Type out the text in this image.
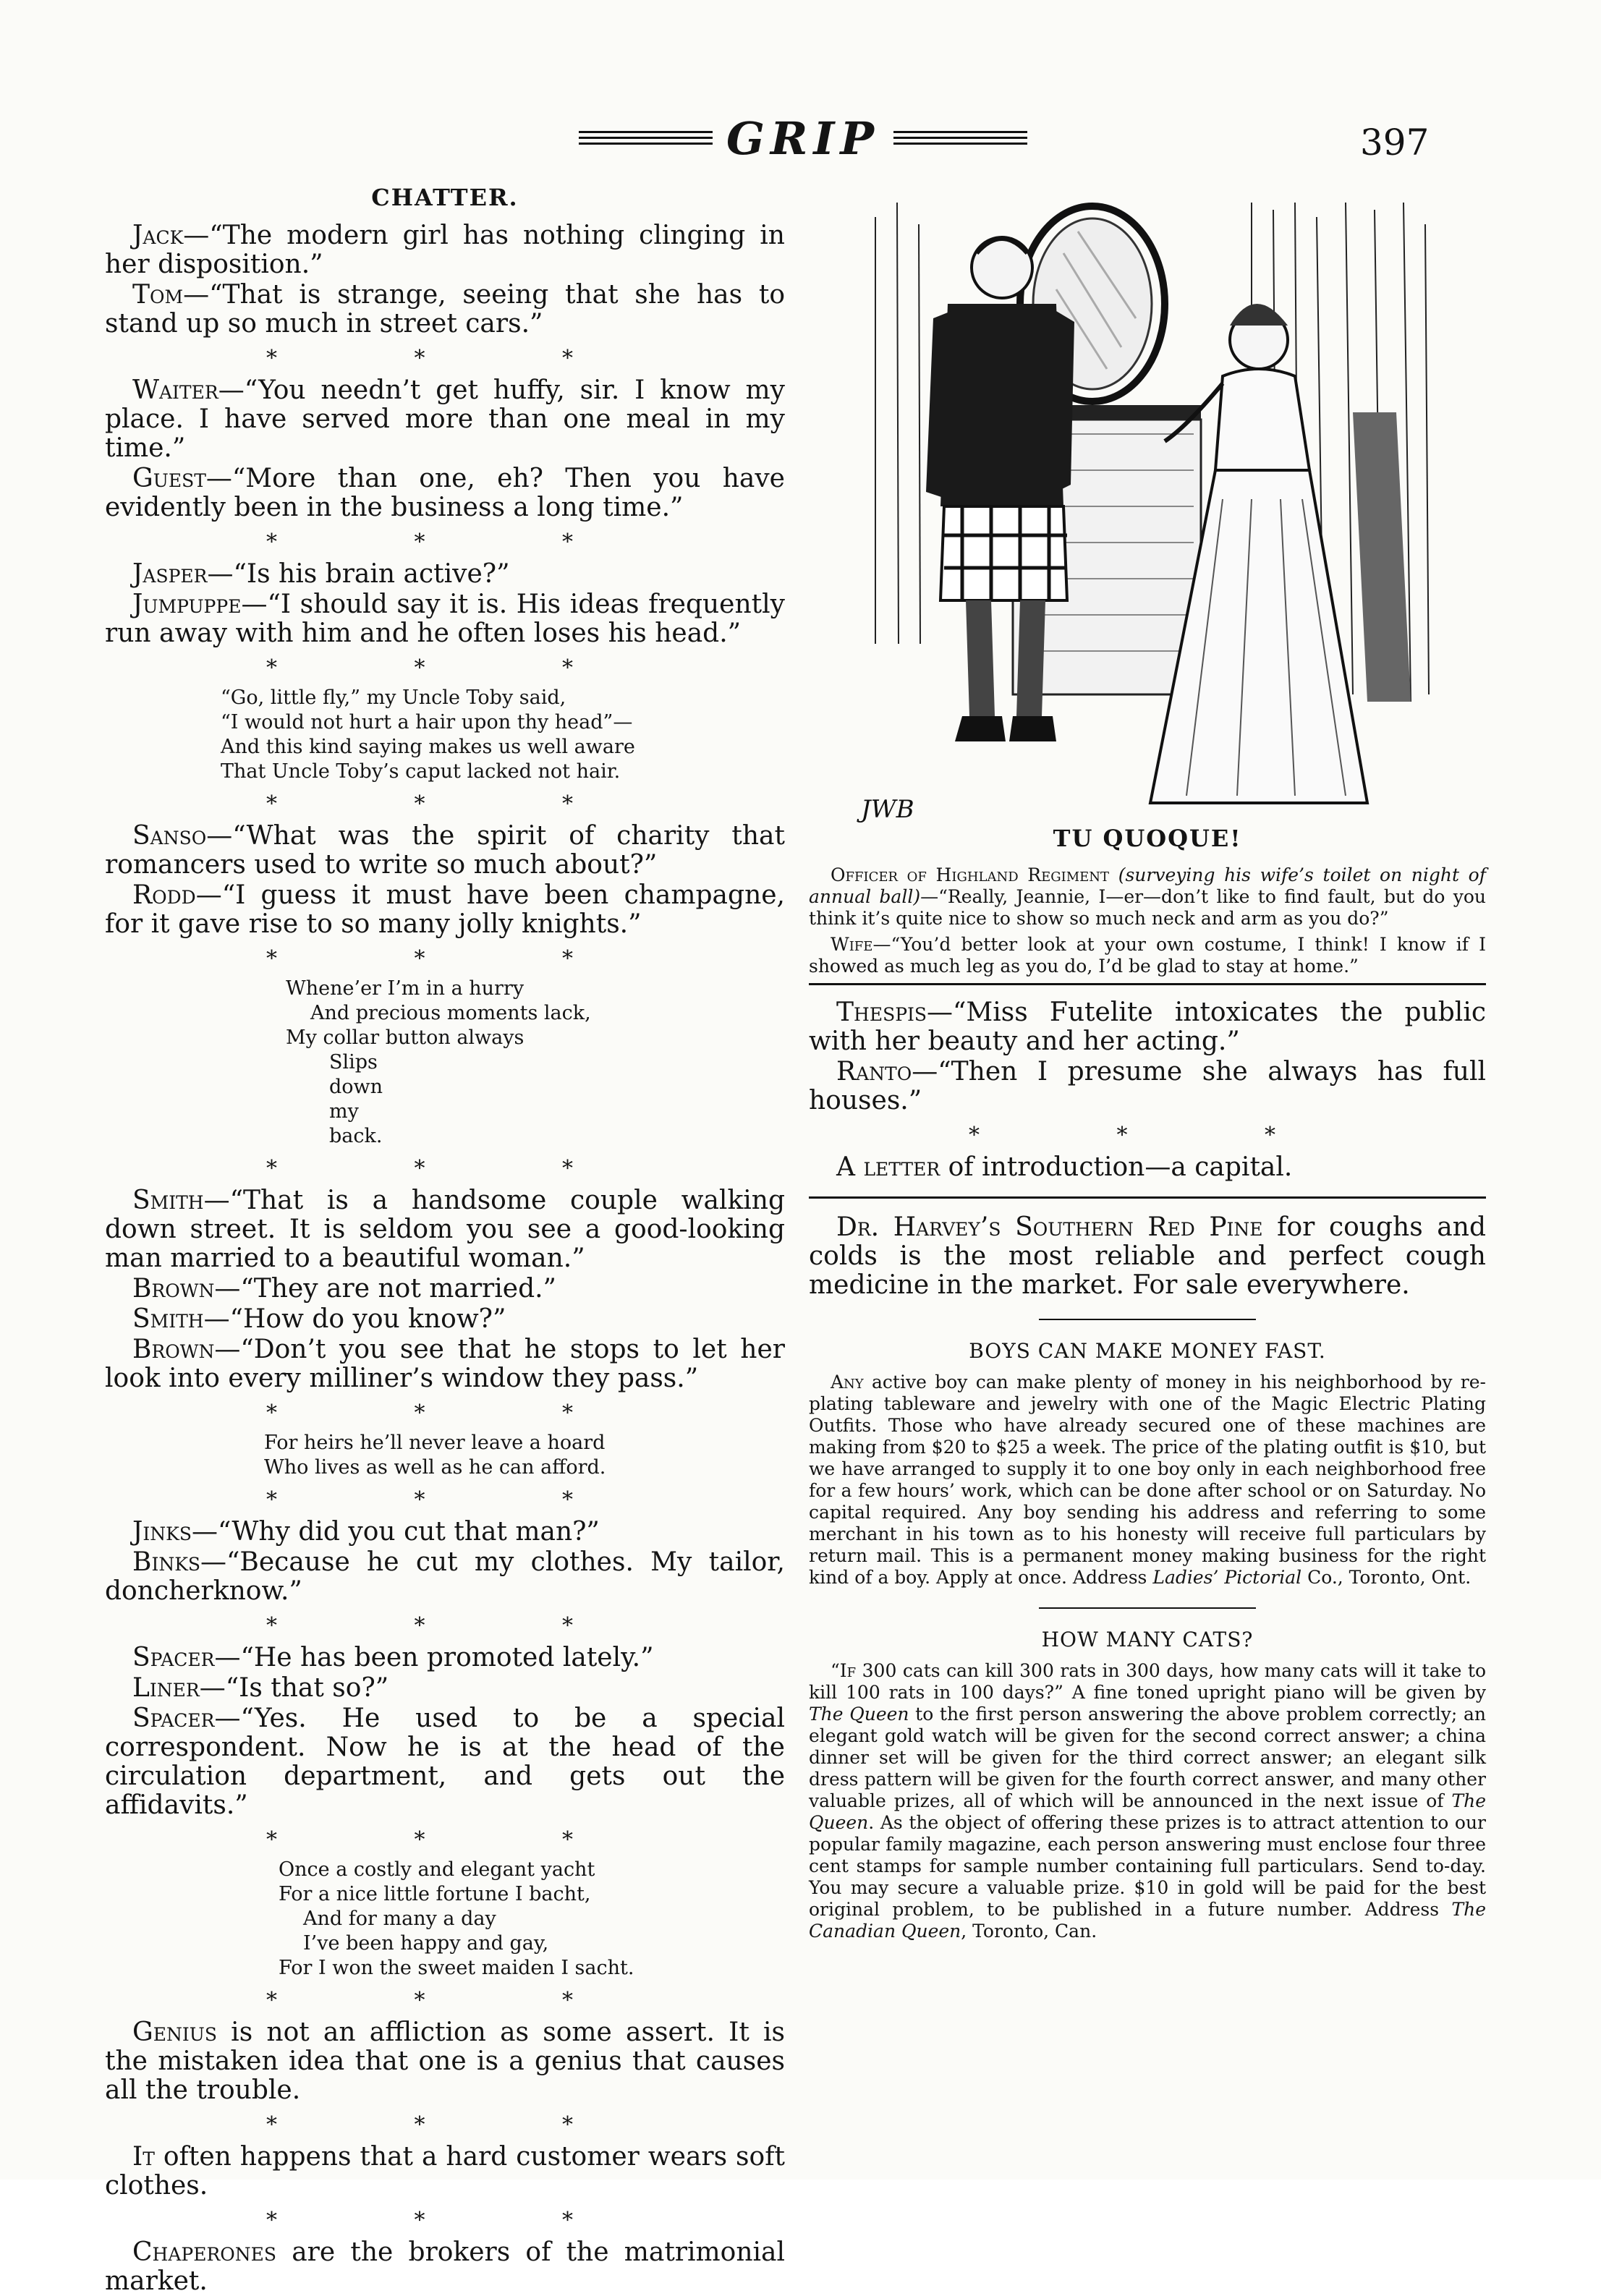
GRIP	397
CHATTER.

Jack—“The modern girl has nothing clinging in her disposition.”

Tom—“That is strange, seeing that she has to stand up so much in street cars.”

* * *

Waiter—“You needn’t get huffy, sir. I know my place. I have served more than one meal in my time.”

Guest—“More than one, eh? Then you have evidently been in the business a long time.”

* * *

Jasper—“Is his brain active?”

Jumpuppe—“I should say it is. His ideas frequently run away with him and he often loses his head.”

* * *
“Go, little fly,” my Uncle Toby said,
“I would not hurt a hair upon thy head”—
And this kind saying makes us well aware
That Uncle Toby’s caput lacked not hair.
* * *

Sanso—“What was the spirit of charity that romancers used to write so much about?”

Rodd—“I guess it must have been champagne, for it gave rise to so many jolly knights.”

* * *
Whene’er I’m in a hurry
And precious moments lack,
My collar button always
Slips
down
my
back.
* * *

Smith—“That is a handsome couple walking down street. It is seldom you see a good-looking man married to a beautiful woman.”

Brown—“They are not married.”

Smith—“How do you know?”

Brown—“Don’t you see that he stops to let her look into every milliner’s window they pass.”

* * *
For heirs he’ll never leave a hoard
Who lives as well as he can afford.
* * *

Jinks—“Why did you cut that man?”

Binks—“Because he cut my clothes. My tailor, doncherknow.”

* * *

Spacer—“He has been promoted lately.”

Liner—“Is that so?”

Spacer—“Yes. He used to be a special correspondent. Now he is at the head of the circulation department, and gets out the affidavits.”

* * *
Once a costly and elegant yacht
For a nice little fortune I bacht,
And for many a day
I’ve been happy and gay,
For I won the sweet maiden I sacht.
* * *

Genius is not an affliction as some assert. It is the mistaken idea that one is a genius that causes all the trouble.

* * *

It often happens that a hard customer wears soft clothes.

* * *

Chaperones are the brokers of the matrimonial market.

JWB
TU QUOQUE!

Officer of Highland Regiment (surveying his wife’s toilet on night of annual ball)—“Really, Jeannie, I—er—don’t like to find fault, but do you think it’s quite nice to show so much neck and arm as you do?”

Wife—“You’d better look at your own costume, I think! I know if I showed as much leg as you do, I’d be glad to stay at home.”

Thespis—“Miss Futelite intoxicates the public with her beauty and her acting.”

Ranto—“Then I presume she always has full houses.”

* * *

A letter of introduction—a capital.

Dr. Harvey’s Southern Red Pine for coughs and colds is the most reliable and perfect cough medicine in the market. For sale everywhere.

BOYS CAN MAKE MONEY FAST.

Any active boy can make plenty of money in his neighborhood by re-plating tableware and jewelry with one of the Magic Electric Plating Outfits. Those who have already secured one of these machines are making from $20 to $25 a week. The price of the plating outfit is $10, but we have arranged to supply it to one boy only in each neighborhood free for a few hours’ work, which can be done after school or on Saturday. No capital required. Any boy sending his address and referring to some merchant in his town as to his honesty will receive full particulars by return mail. This is a permanent money making business for the right kind of a boy. Apply at once. Address Ladies’ Pictorial Co., Toronto, Ont.

HOW MANY CATS?

“If 300 cats can kill 300 rats in 300 days, how many cats will it take to kill 100 rats in 100 days?” A fine toned upright piano will be given by The Queen to the first person answering the above problem correctly; an elegant gold watch will be given for the second correct answer; a china dinner set will be given for the third correct answer; an elegant silk dress pattern will be given for the fourth correct answer, and many other valuable prizes, all of which will be announced in the next issue of The Queen. As the object of offering these prizes is to attract attention to our popular family magazine, each person answering must enclose four three cent stamps for sample number containing full particulars. Send to-day. You may secure a valuable prize. $10 in gold will be paid for the best original problem, to be published in a future number. Address The Canadian Queen, Toronto, Can.
